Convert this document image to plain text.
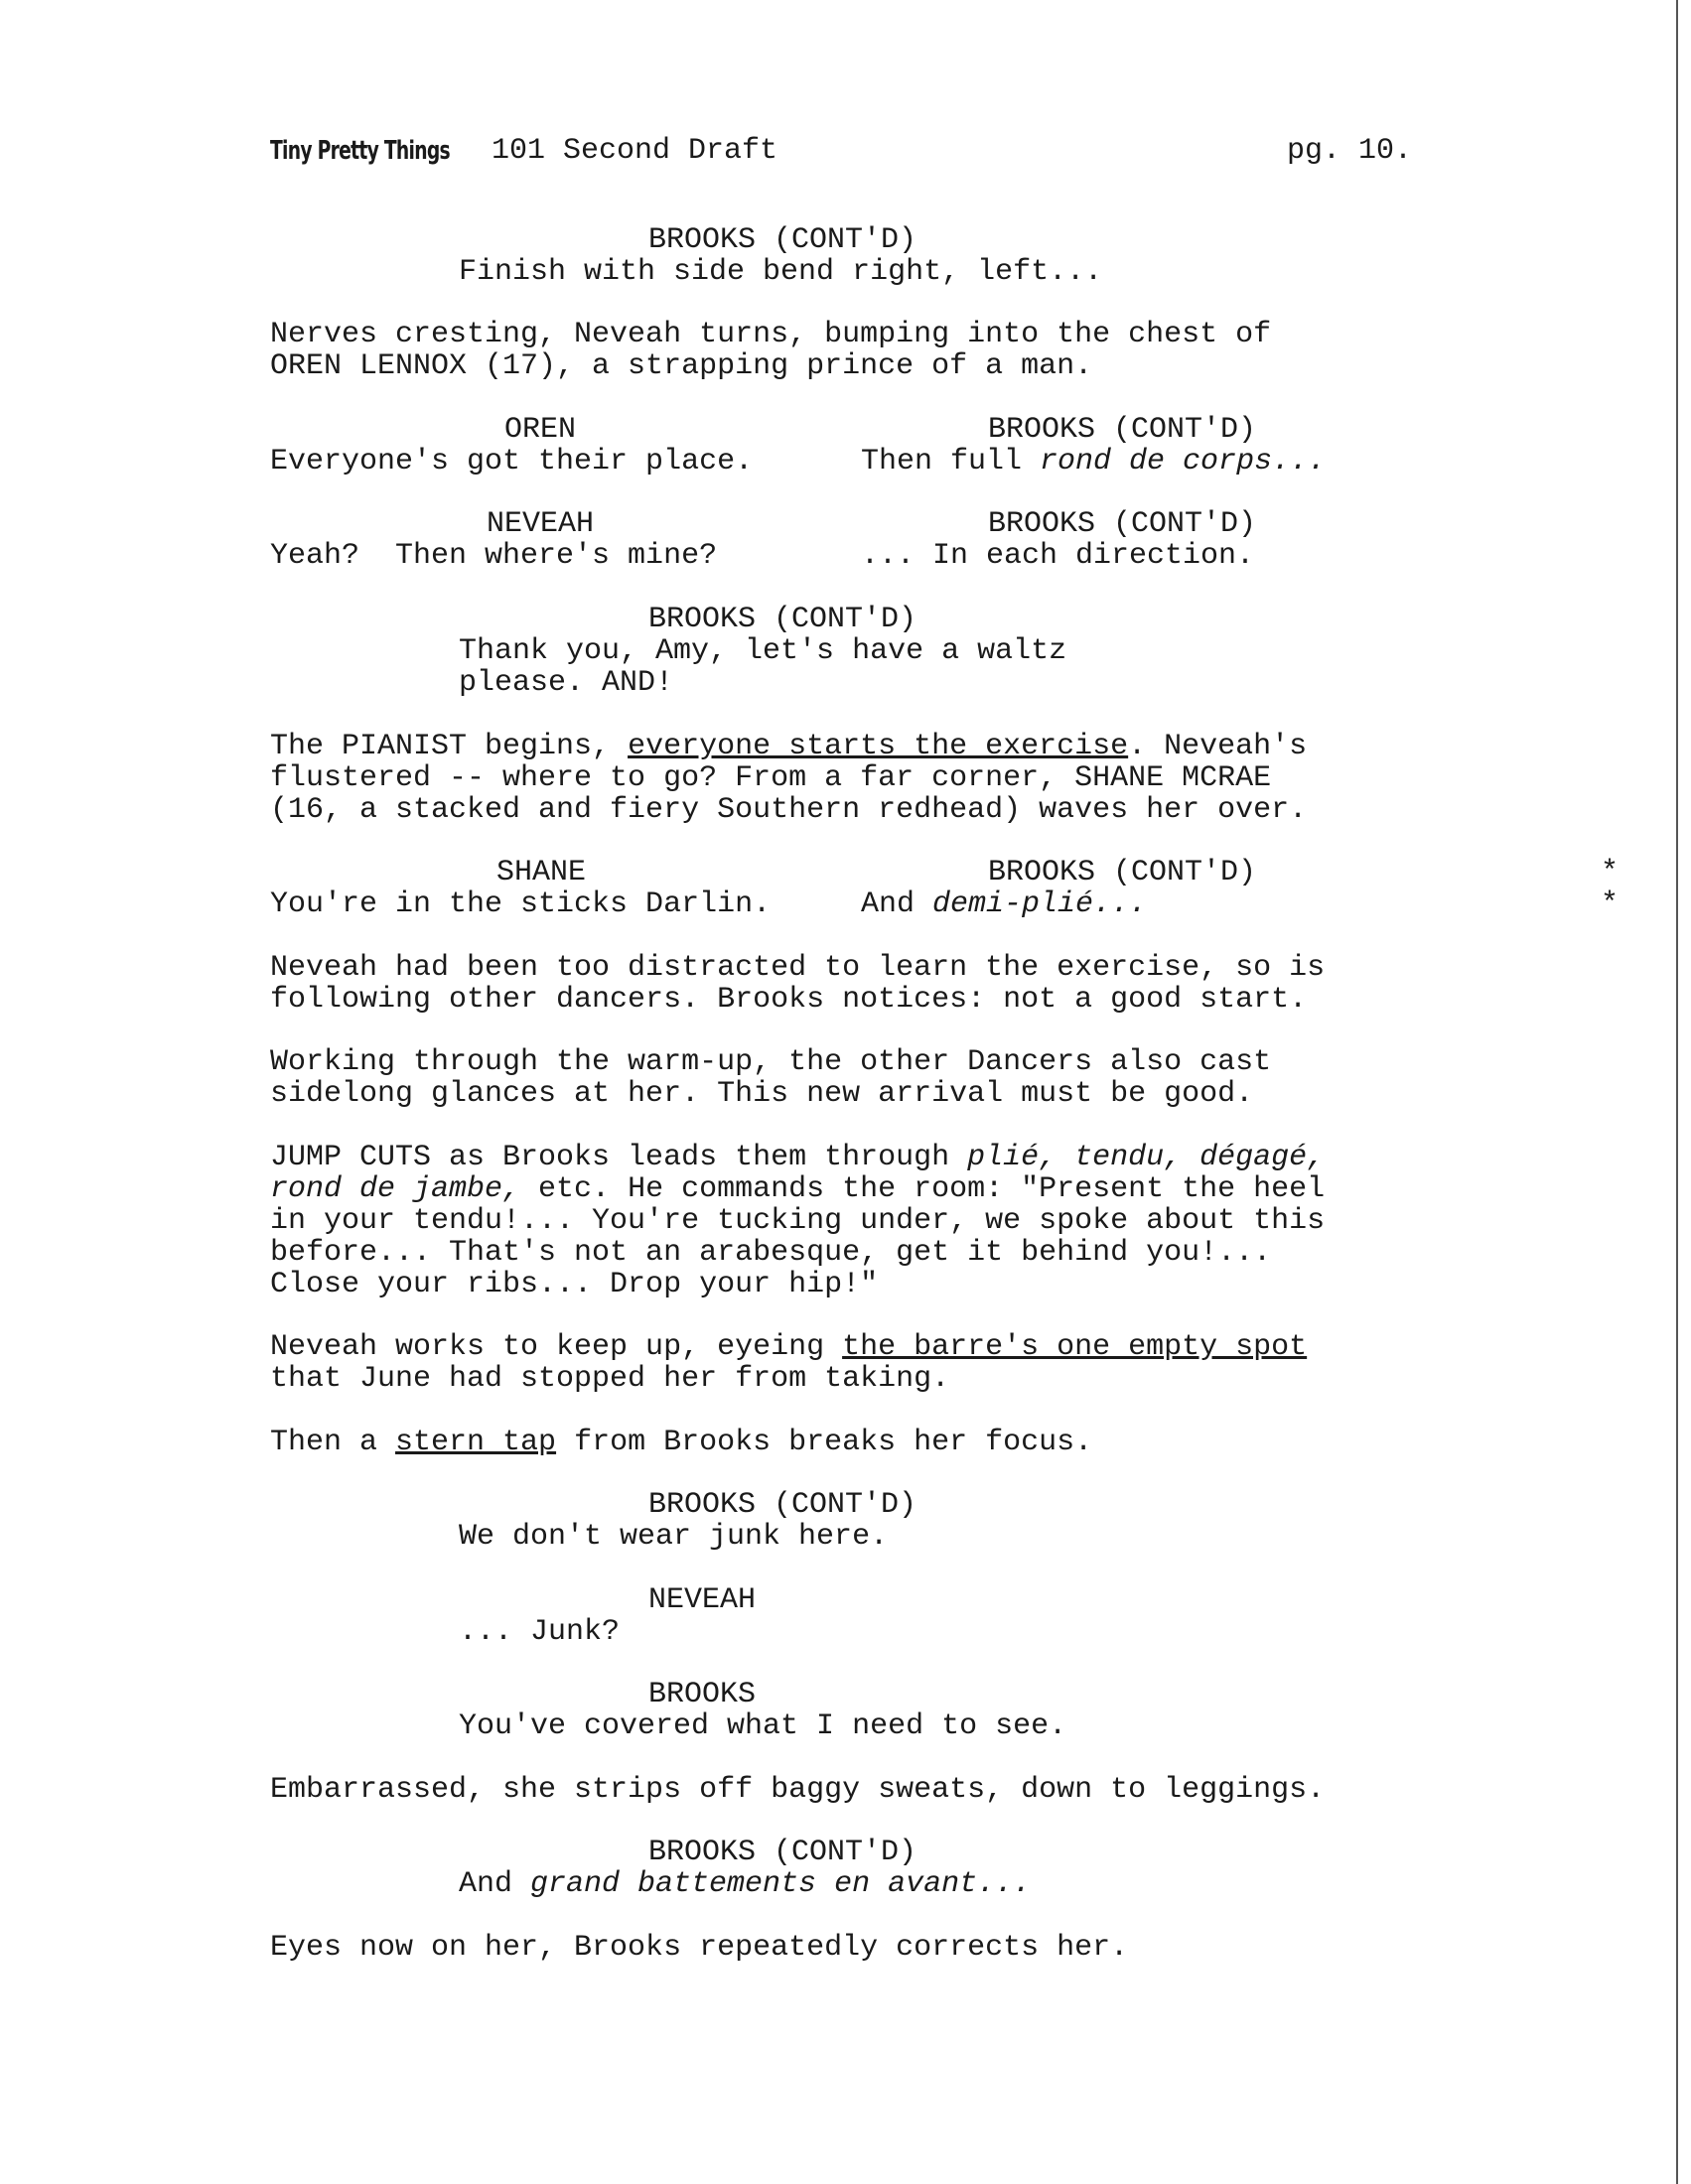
Tiny Pretty Things	101 Second Draft	pg. 10.
BROOKS (CONT'D)
Finish with side bend right, left...
Nerves cresting, Neveah turns, bumping into the chest of
OREN LENNOX (17), a strapping prince of a man.
OREN	BROOKS (CONT'D)
Everyone's got their place.	Then full rond de corps...
NEVEAH	BROOKS (CONT'D)
Yeah?  Then where's mine?	... In each direction.
BROOKS (CONT'D)
Thank you, Amy, let's have a waltz
please. AND!
The PIANIST begins, everyone starts the exercise. Neveah's
flustered -- where to go? From a far corner, SHANE MCRAE
(16, a stacked and fiery Southern redhead) waves her over.
SHANE	BROOKS (CONT'D)
You're in the sticks Darlin.	And demi-plié...
*
*
Neveah had been too distracted to learn the exercise, so is
following other dancers. Brooks notices: not a good start.
Working through the warm-up, the other Dancers also cast
sidelong glances at her. This new arrival must be good.
JUMP CUTS as Brooks leads them through plié, tendu, dégagé,
rond de jambe, etc. He commands the room: "Present the heel
in your tendu!... You're tucking under, we spoke about this
before... That's not an arabesque, get it behind you!...
Close your ribs... Drop your hip!"
Neveah works to keep up, eyeing the barre's one empty spot
that June had stopped her from taking.
Then a stern tap from Brooks breaks her focus.
BROOKS (CONT'D)
We don't wear junk here.
NEVEAH
... Junk?
BROOKS
You've covered what I need to see.
Embarrassed, she strips off baggy sweats, down to leggings.
BROOKS (CONT'D)
And grand battements en avant...
Eyes now on her, Brooks repeatedly corrects her.
